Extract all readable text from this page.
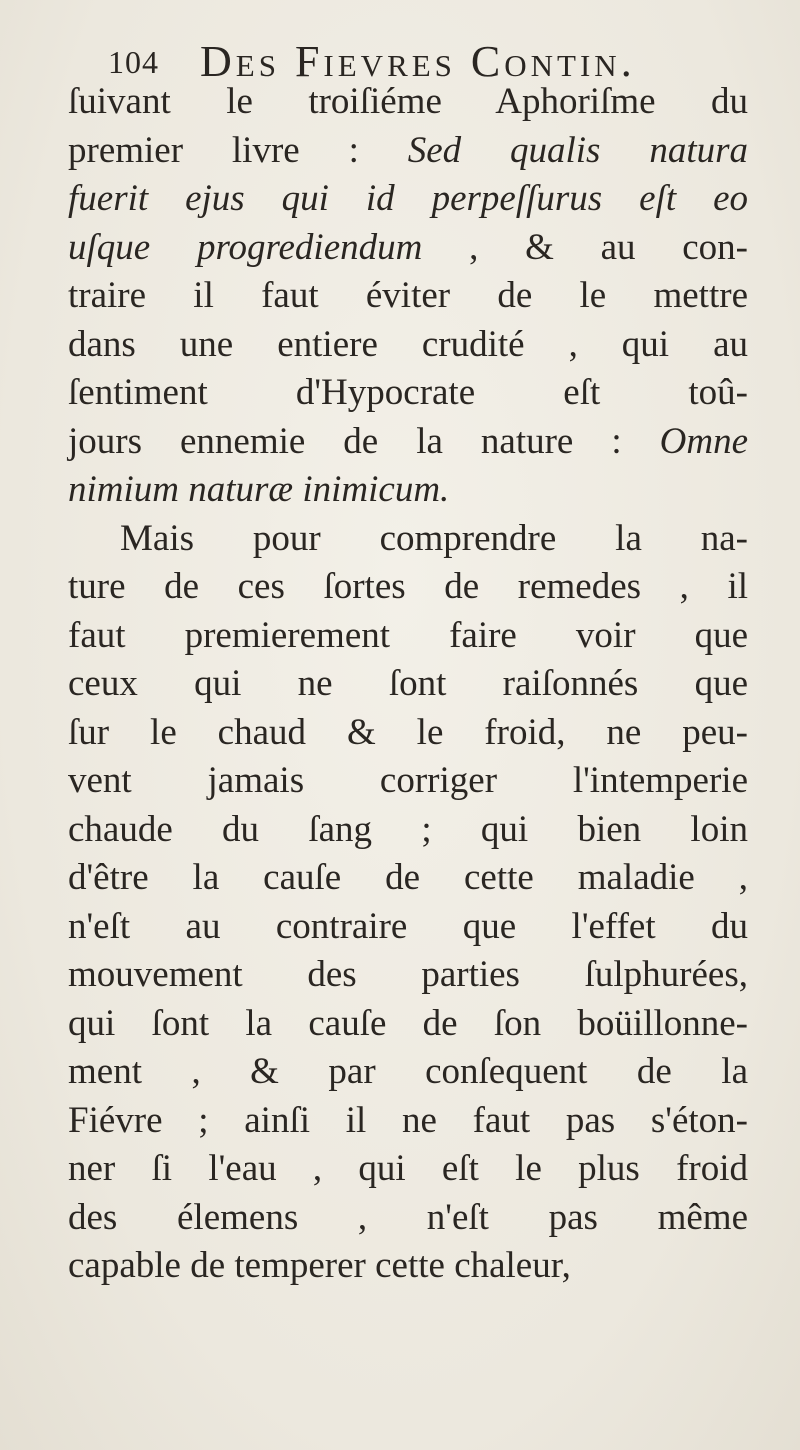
104 Des Fievres Contin.
ſuivant le troiſiéme Aphoriſme du
premier livre : Sed qualis natura
fuerit ejus qui id perpeſſurus eſt eo
uſque progrediendum , & au con-
traire il faut éviter de le mettre
dans une entiere crudité , qui au
ſentiment d'Hypocrate eſt toû-
jours ennemie de la nature : Omne
nimium naturæ inimicum.
Mais pour comprendre la na-
ture de ces ſortes de remedes , il
faut premierement faire voir que
ceux qui ne ſont raiſonnés que
ſur le chaud & le froid, ne peu-
vent jamais corriger l'intemperie
chaude du ſang ; qui bien loin
d'être la cauſe de cette maladie ,
n'eſt au contraire que l'effet du
mouvement des parties ſulphurées,
qui ſont la cauſe de ſon boüillonne-
ment , & par conſequent de la
Fiévre ; ainſi il ne faut pas s'éton-
ner ſi l'eau , qui eſt le plus froid
des élemens , n'eſt pas même
capable de temperer cette chaleur,
